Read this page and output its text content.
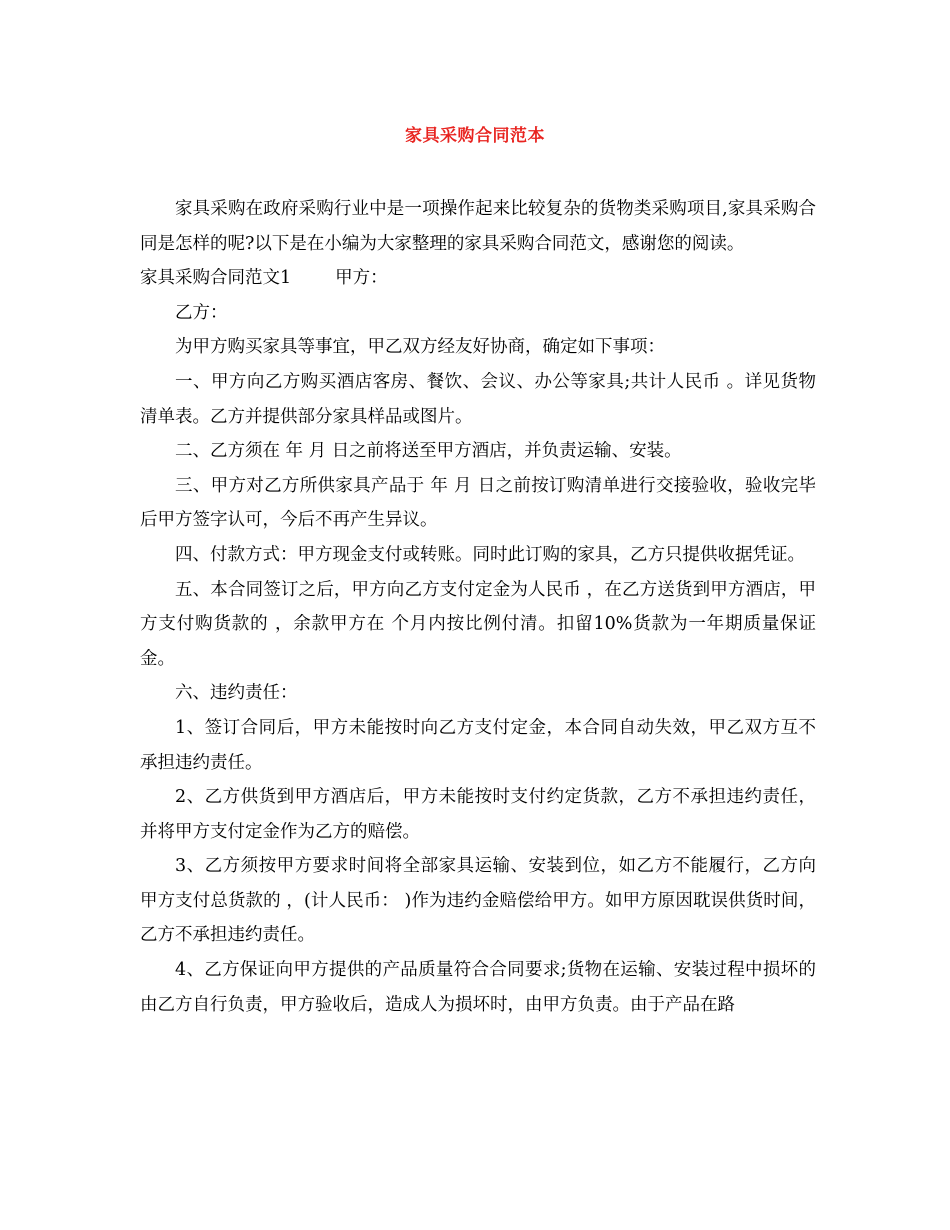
家具采购合同范本

家具采购在政府采购行业中是一项操作起来比较复杂的货物类采购项目,家具采购合同是怎样的呢?以下是在小编为大家整理的家具采购合同范文，感谢您的阅读。

家具采购合同范文1	甲方：

乙方：

为甲方购买家具等事宜，甲乙双方经友好协商，确定如下事项：

一、甲方向乙方购买酒店客房、餐饮、会议、办公等家具;共计人民币 。详见货物清单表。乙方并提供部分家具样品或图片。

二、乙方须在 年 月 日之前将送至甲方酒店，并负责运输、安装。

三、甲方对乙方所供家具产品于 年 月 日之前按订购清单进行交接验收，验收完毕后甲方签字认可，今后不再产生异议。

四、付款方式：甲方现金支付或转账。同时此订购的家具，乙方只提供收据凭证。

五、本合同签订之后，甲方向乙方支付定金为人民币 ，在乙方送货到甲方酒店，甲方支付购货款的 ，余款甲方在 个月内按比例付清。扣留10%货款为一年期质量保证金。

六、违约责任：

1、签订合同后，甲方未能按时向乙方支付定金，本合同自动失效，甲乙双方互不承担违约责任。

2、乙方供货到甲方酒店后，甲方未能按时支付约定货款，乙方不承担违约责任，并将甲方支付定金作为乙方的赔偿。

3、乙方须按甲方要求时间将全部家具运输、安装到位，如乙方不能履行，乙方向甲方支付总货款的 ，(计人民币： )作为违约金赔偿给甲方。如甲方原因耽误供货时间，乙方不承担违约责任。

4、乙方保证向甲方提供的产品质量符合合同要求;货物在运输、安装过程中损坏的由乙方自行负责，甲方验收后，造成人为损坏时，由甲方负责。由于产品在路
